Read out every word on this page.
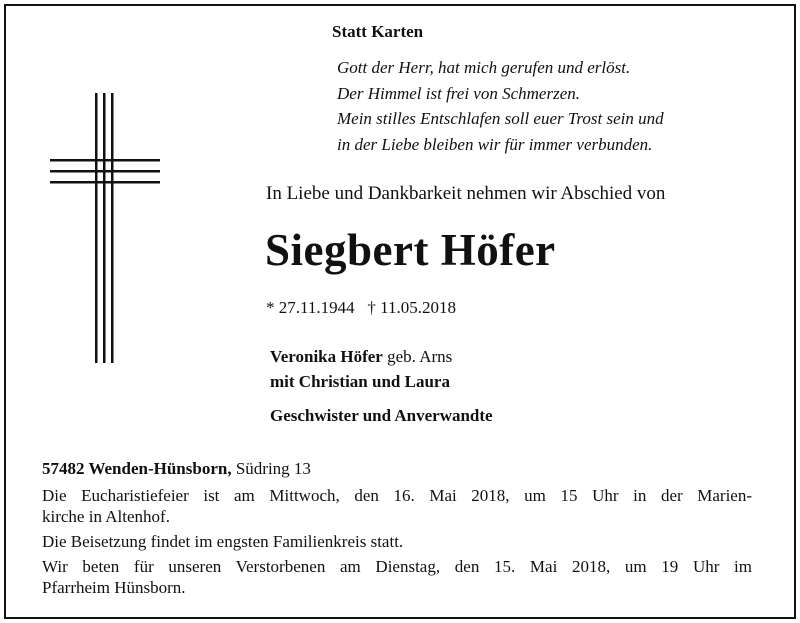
Statt Karten
Gott der Herr, hat mich gerufen und erlöst.
Der Himmel ist frei von Schmerzen.
Mein stilles Entschlafen soll euer Trost sein und
in der Liebe bleiben wir für immer verbunden.
In Liebe und Dankbarkeit nehmen wir Abschied von
Siegbert Höfer
* 27.11.1944   † 11.05.2018
Veronika Höfer geb. Arns
mit Christian und Laura
Geschwister und Anverwandte
57482 Wenden-Hünsborn, Südring 13
Die Eucharistiefeier ist am Mittwoch, den 16. Mai 2018, um 15 Uhr in der Marien-
kirche in Altenhof.
Die Beisetzung findet im engsten Familienkreis statt.
Wir beten für unseren Verstorbenen am Dienstag, den 15. Mai 2018, um 19 Uhr im
Pfarrheim Hünsborn.
